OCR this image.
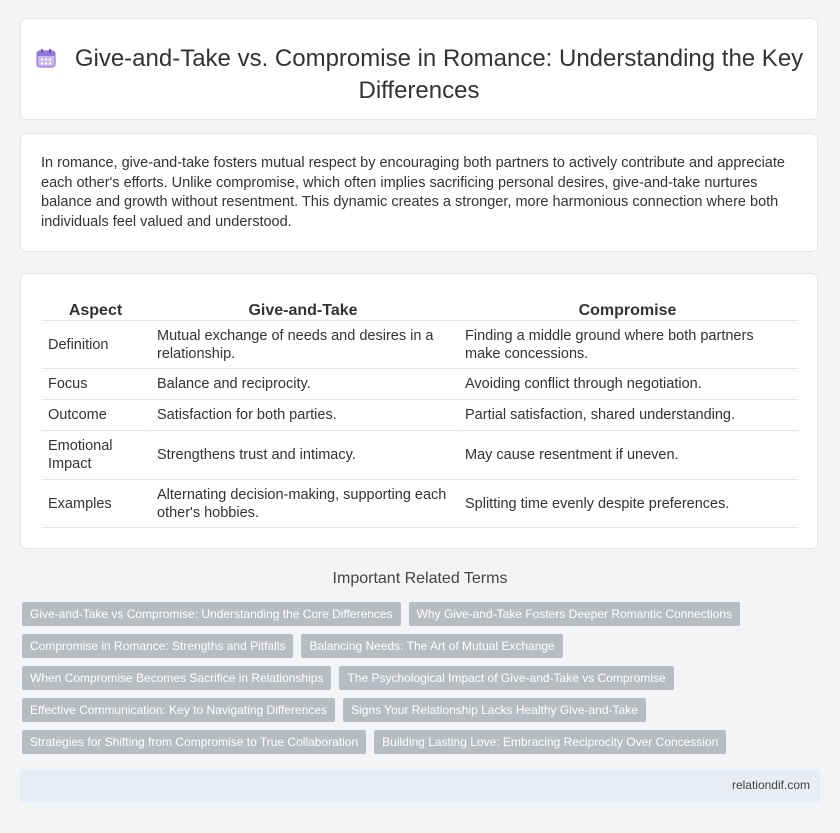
Give-and-Take vs. Compromise in Romance: Understanding the Key Differences

In romance, give-and-take fosters mutual respect by encouraging both partners to actively contribute and appreciate each other's efforts. Unlike compromise, which often implies sacrificing personal desires, give-and-take nurtures balance and growth without resentment. This dynamic creates a stronger, more harmonious connection where both individuals feel valued and understood.

Aspect	Give-and-Take	Compromise
Definition	Mutual exchange of needs and desires in a relationship.	Finding a middle ground where both partners make concessions.
Focus	Balance and reciprocity.	Avoiding conflict through negotiation.
Outcome	Satisfaction for both parties.	Partial satisfaction, shared understanding.
Emotional Impact	Strengthens trust and intimacy.	May cause resentment if uneven.
Examples	Alternating decision-making, supporting each other's hobbies.	Splitting time evenly despite preferences.
Important Related Terms
Give-and-Take vs Compromise: Understanding the Core Differences	Why Give-and-Take Fosters Deeper Romantic Connections
Compromise in Romance: Strengths and Pitfalls	Balancing Needs: The Art of Mutual Exchange
When Compromise Becomes Sacrifice in Relationships	The Psychological Impact of Give-and-Take vs Compromise
Effective Communication: Key to Navigating Differences	Signs Your Relationship Lacks Healthy Give-and-Take
Strategies for Shifting from Compromise to True Collaboration	Building Lasting Love: Embracing Reciprocity Over Concession
relationdif.com
